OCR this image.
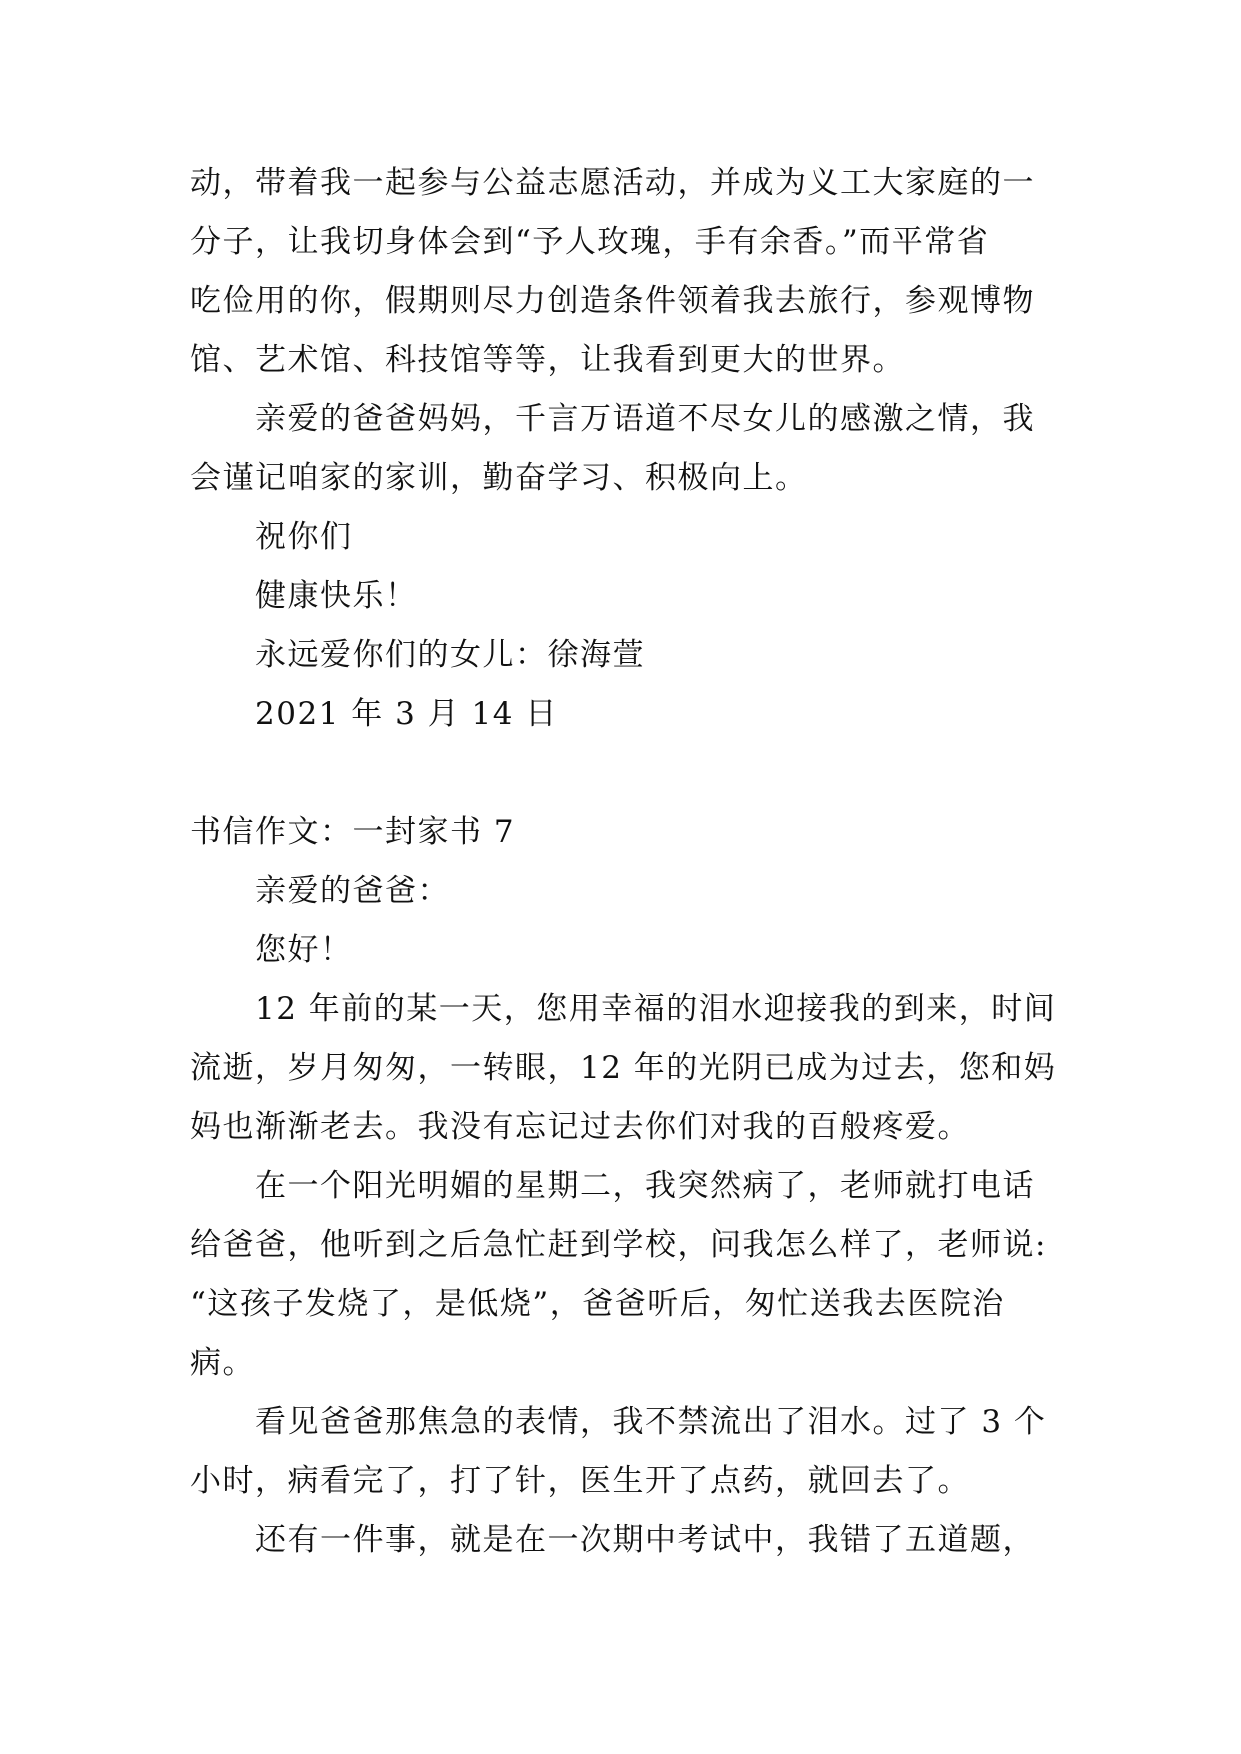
动，带着我一起参与公益志愿活动，并成为义工大家庭的一
分子，让我切身体会到“予人玫瑰，手有余香。”而平常省
吃俭用的你，假期则尽力创造条件领着我去旅行，参观博物
馆、艺术馆、科技馆等等，让我看到更大的世界。
亲爱的爸爸妈妈，千言万语道不尽女儿的感激之情，我
会谨记咱家的家训，勤奋学习、积极向上。
祝你们
健康快乐！
永远爱你们的女儿：徐海萱
2021 年 3 月 14 日
书信作文：一封家书 7
亲爱的爸爸：
您好！
12 年前的某一天，您用幸福的泪水迎接我的到来，时间
流逝，岁月匆匆，一转眼，12 年的光阴已成为过去，您和妈
妈也渐渐老去。我没有忘记过去你们对我的百般疼爱。
在一个阳光明媚的星期二，我突然病了，老师就打电话
给爸爸，他听到之后急忙赶到学校，问我怎么样了，老师说:
“这孩子发烧了，是低烧”，爸爸听后，匆忙送我去医院治
病。
看见爸爸那焦急的表情，我不禁流出了泪水。过了 3 个
小时，病看完了，打了针，医生开了点药，就回去了。
还有一件事，就是在一次期中考试中，我错了五道题，
